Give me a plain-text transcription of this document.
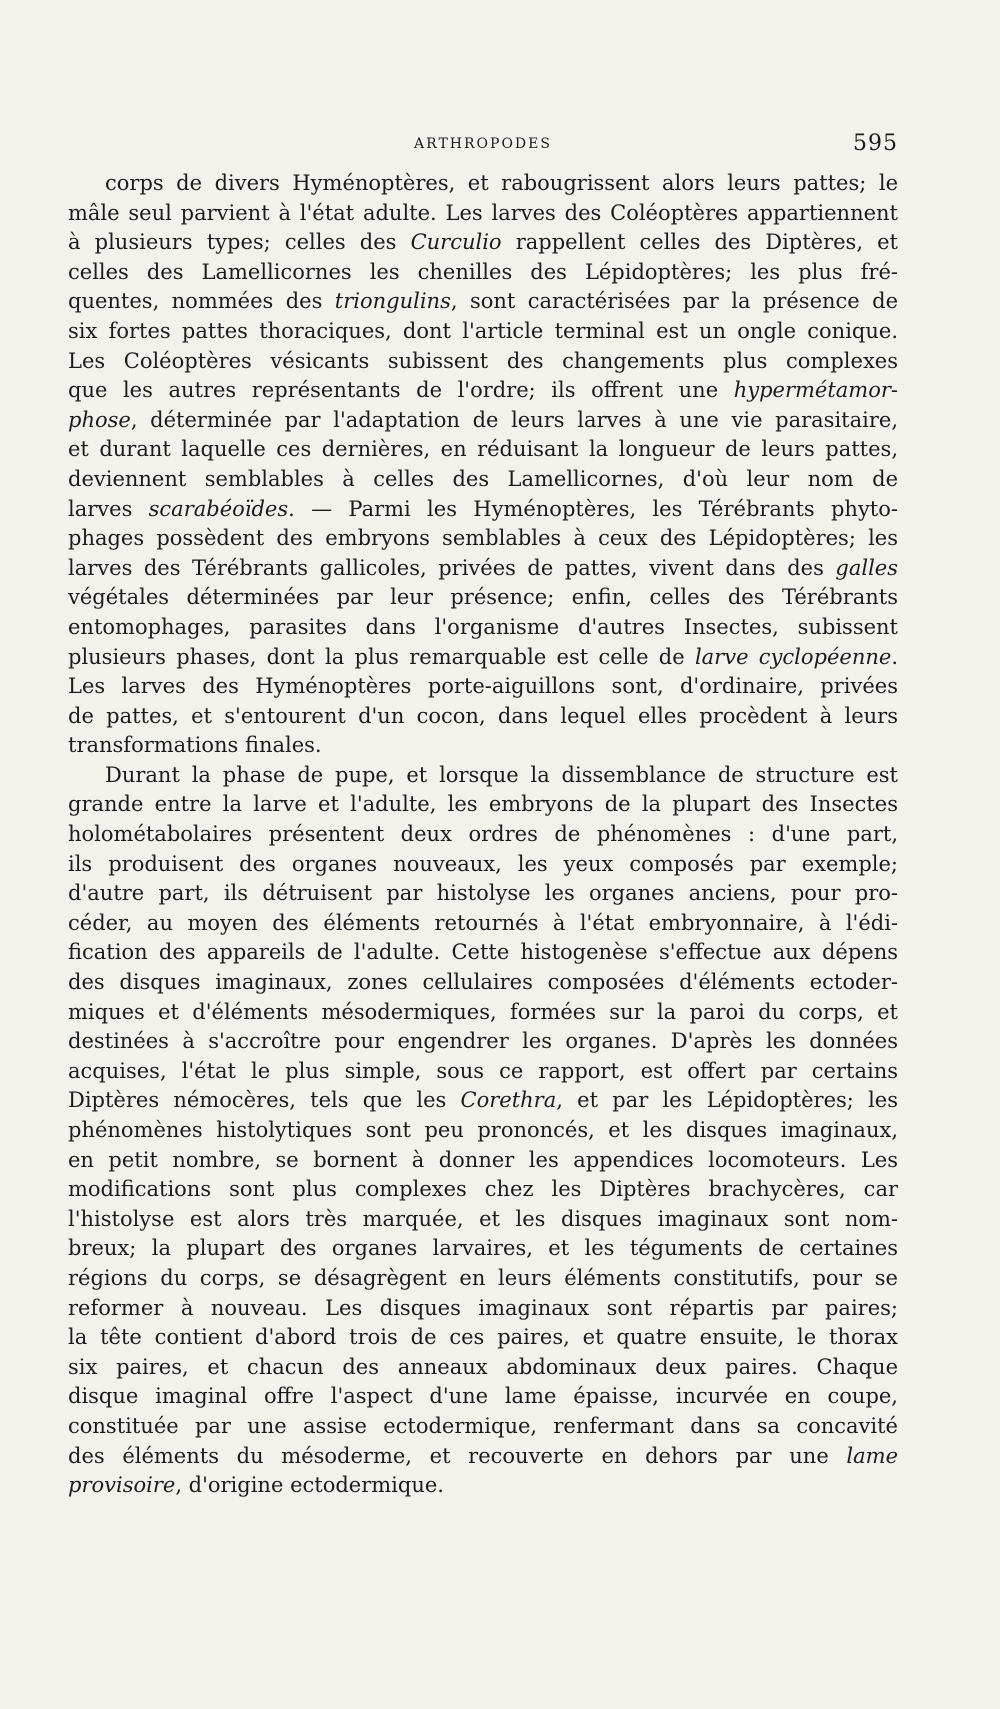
ARTHROPODES	595
corps de divers Hyménoptères, et rabougrissent alors leurs pattes; le
mâle seul parvient à l'état adulte. Les larves des Coléoptères appartiennent
à plusieurs types; celles des Curculio rappellent celles des Diptères, et
celles des Lamellicornes les chenilles des Lépidoptères; les plus fré-
quentes, nommées des triongulins, sont caractérisées par la présence de
six fortes pattes thoraciques, dont l'article terminal est un ongle conique.
Les Coléoptères vésicants subissent des changements plus complexes
que les autres représentants de l'ordre; ils offrent une hypermétamor-
phose, déterminée par l'adaptation de leurs larves à une vie parasitaire,
et durant laquelle ces dernières, en réduisant la longueur de leurs pattes,
deviennent semblables à celles des Lamellicornes, d'où leur nom de
larves scarabéoïdes. — Parmi les Hyménoptères, les Térébrants phyto-
phages possèdent des embryons semblables à ceux des Lépidoptères; les
larves des Térébrants gallicoles, privées de pattes, vivent dans des galles
végétales déterminées par leur présence; enfin, celles des Térébrants
entomophages, parasites dans l'organisme d'autres Insectes, subissent
plusieurs phases, dont la plus remarquable est celle de larve cyclopéenne.
Les larves des Hyménoptères porte-aiguillons sont, d'ordinaire, privées
de pattes, et s'entourent d'un cocon, dans lequel elles procèdent à leurs
transformations finales.
Durant la phase de pupe, et lorsque la dissemblance de structure est
grande entre la larve et l'adulte, les embryons de la plupart des Insectes
holométabolaires présentent deux ordres de phénomènes : d'une part,
ils produisent des organes nouveaux, les yeux composés par exemple;
d'autre part, ils détruisent par histolyse les organes anciens, pour pro-
céder, au moyen des éléments retournés à l'état embryonnaire, à l'édi-
fication des appareils de l'adulte. Cette histogenèse s'effectue aux dépens
des disques imaginaux, zones cellulaires composées d'éléments ectoder-
miques et d'éléments mésodermiques, formées sur la paroi du corps, et
destinées à s'accroître pour engendrer les organes. D'après les données
acquises, l'état le plus simple, sous ce rapport, est offert par certains
Diptères némocères, tels que les Corethra, et par les Lépidoptères; les
phénomènes histolytiques sont peu prononcés, et les disques imaginaux,
en petit nombre, se bornent à donner les appendices locomoteurs. Les
modifications sont plus complexes chez les Diptères brachycères, car
l'histolyse est alors très marquée, et les disques imaginaux sont nom-
breux; la plupart des organes larvaires, et les téguments de certaines
régions du corps, se désagrègent en leurs éléments constitutifs, pour se
reformer à nouveau. Les disques imaginaux sont répartis par paires;
la tête contient d'abord trois de ces paires, et quatre ensuite, le thorax
six paires, et chacun des anneaux abdominaux deux paires. Chaque
disque imaginal offre l'aspect d'une lame épaisse, incurvée en coupe,
constituée par une assise ectodermique, renfermant dans sa concavité
des éléments du mésoderme, et recouverte en dehors par une lame
provisoire, d'origine ectodermique.
